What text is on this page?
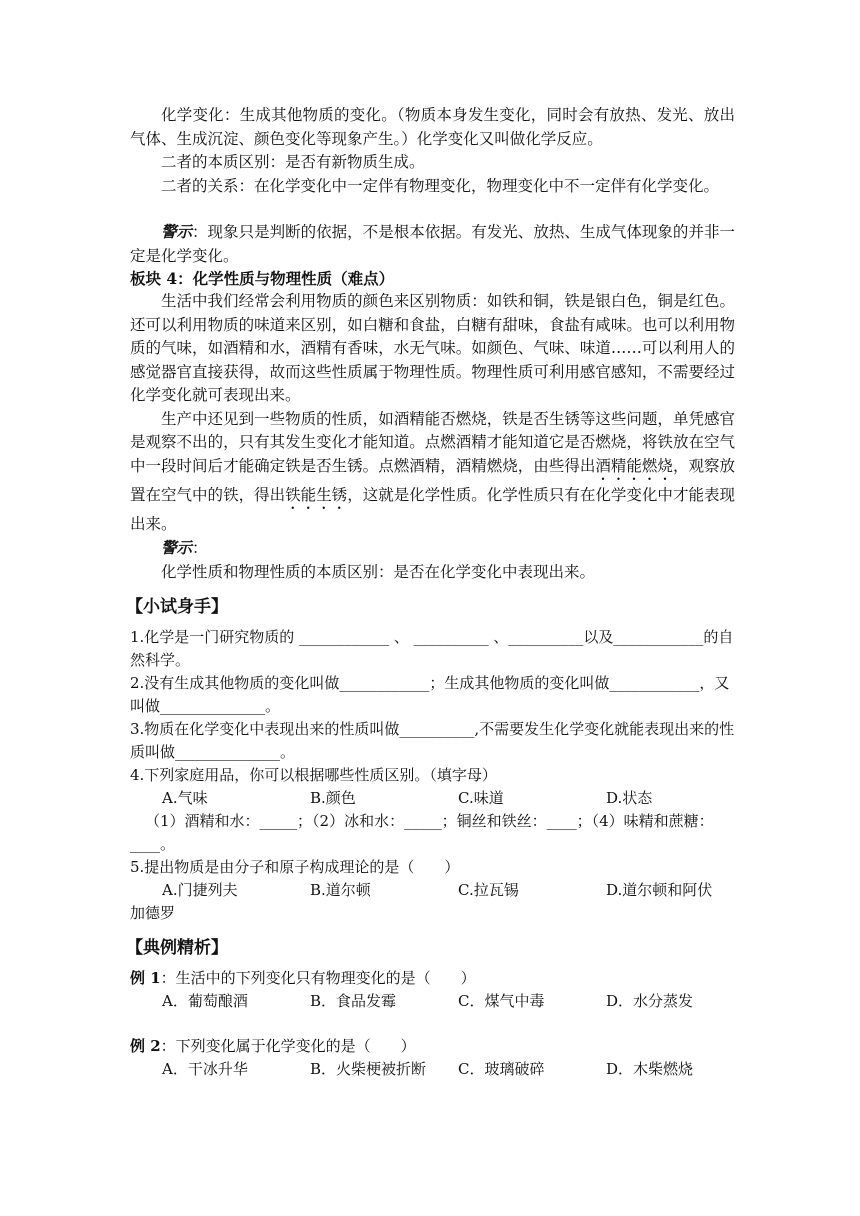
化学变化：生成其他物质的变化。（物质本身发生变化，同时会有放热、发光、放出气体、生成沉淀、颜色变化等现象产生。）化学变化又叫做化学反应。

二者的本质区别：是否有新物质生成。

二者的关系：在化学变化中一定伴有物理变化，物理变化中不一定伴有化学变化。

警示：现象只是判断的依据，不是根本依据。有发光、放热、生成气体现象的并非一定是化学变化。

板块 4：化学性质与物理性质（难点）

生活中我们经常会利用物质的颜色来区别物质：如铁和铜，铁是银白色，铜是红色。还可以利用物质的味道来区别，如白糖和食盐，白糖有甜味，食盐有咸味。也可以利用物质的气味，如酒精和水，酒精有香味，水无气味。如颜色、气味、味道……可以利用人的感觉器官直接获得，故而这些性质属于物理性质。物理性质可利用感官感知，不需要经过化学变化就可表现出来。

生产中还见到一些物质的性质，如酒精能否燃烧，铁是否生锈等这些问题，单凭感官是观察不出的，只有其发生变化才能知道。点燃酒精才能知道它是否燃烧，将铁放在空气中一段时间后才能确定铁是否生锈。点燃酒精，酒精燃烧，由些得出酒精能燃烧，观察放置在空气中的铁，得出铁能生锈，这就是化学性质。化学性质只有在化学变化中才能表现出来。

警示：

化学性质和物理性质的本质区别：是否在化学变化中表现出来。

【小试身手】

1.化学是一门研究物质的 ____________ 、 __________ 、__________以及____________的自然科学。

2.没有生成其他物质的变化叫做____________；生成其他物质的变化叫做____________，又叫做______________。

3.物质在化学变化中表现出来的性质叫做__________,不需要发生化学变化就能表现出来的性质叫做______________。

4.下列家庭用品，你可以根据哪些性质区别。（填字母）

A.气味	B.颜色	C.味道	D.状态

（1）酒精和水：_____；（2）冰和水：_____；铜丝和铁丝：____；（4）味精和蔗糖：____。

5.提出物质是由分子和原子构成理论的是（　　）

A.门捷列夫	B.道尔顿	C.拉瓦锡	D.道尔顿和阿伏

加德罗

【典例精析】

例 1：生活中的下列变化只有物理变化的是（　　）

A．葡萄酿酒	B．食品发霉	C．煤气中毒	D．水分蒸发

例 2：下列变化属于化学变化的是（　　）

A．干冰升华	B．火柴梗被折断	C．玻璃破碎	D．木柴燃烧
